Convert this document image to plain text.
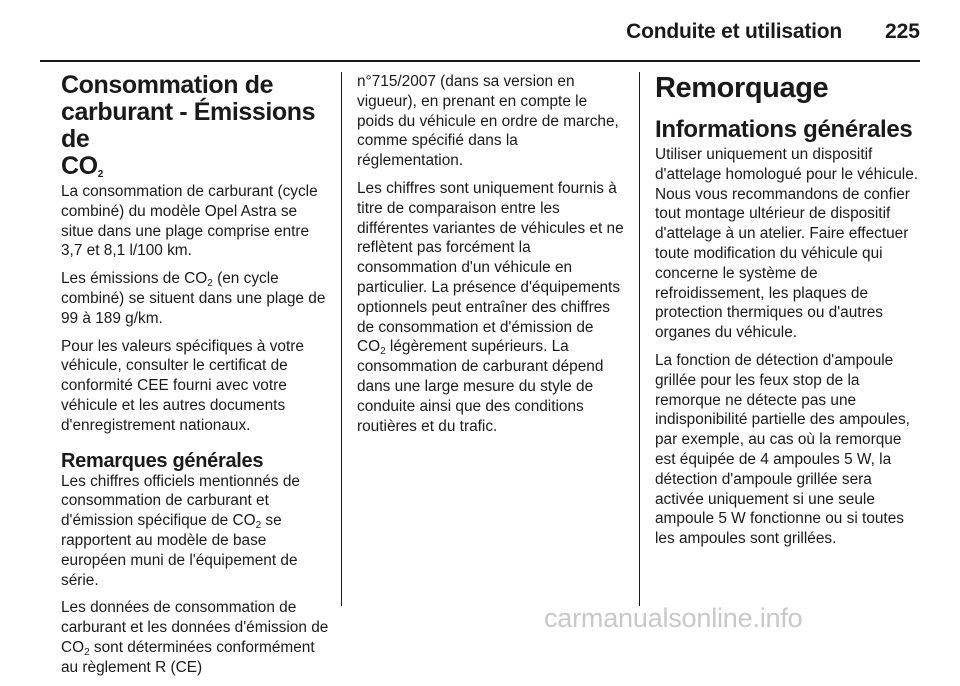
Conduite et utilisation 225
Consommation de
carburant - Émissions de
$CO_2$

La consommation de carburant (cycle combiné) du modèle Opel Astra se situe dans une plage comprise entre 3,7 et 8,1 l/100 km.

Les émissions de $CO_2$ (en cycle combiné) se situent dans une plage de 99 à 189 g/km.

Pour les valeurs spécifiques à votre véhicule, consulter le certificat de conformité CEE fourni avec votre véhicule et les autres documents d'enregistrement nationaux.

Remarques générales

Les chiffres officiels mentionnés de consommation de carburant et d'émission spécifique de $CO_2$ se rapportent au modèle de base européen muni de l'équipement de série.

Les données de consommation de carburant et les données d'émission de $CO_2$ sont déterminées conformément au règlement R (CE)

n°715/2007 (dans sa version en vigueur), en prenant en compte le poids du véhicule en ordre de marche, comme spécifié dans la réglementation.

Les chiffres sont uniquement fournis à titre de comparaison entre les différentes variantes de véhicules et ne reflètent pas forcément la consommation d'un véhicule en particulier. La présence d'équipements optionnels peut entraîner des chiffres de consommation et d'émission de $CO_2$ légèrement supérieurs. La consommation de carburant dépend dans une large mesure du style de conduite ainsi que des conditions routières et du trafic.

Remorquage
Informations générales

Utiliser uniquement un dispositif d'attelage homologué pour le véhicule. Nous vous recommandons de confier tout montage ultérieur de dispositif d'attelage à un atelier. Faire effectuer toute modification du véhicule qui concerne le système de refroidissement, les plaques de protection thermiques ou d'autres organes du véhicule.

La fonction de détection d'ampoule grillée pour les feux stop de la remorque ne détecte pas une indisponibilité partielle des ampoules, par exemple, au cas où la remorque est équipée de 4 ampoules 5 W, la détection d'ampoule grillée sera activée uniquement si une seule ampoule 5 W fonctionne ou si toutes les ampoules sont grillées.

carmanualsonline.info
